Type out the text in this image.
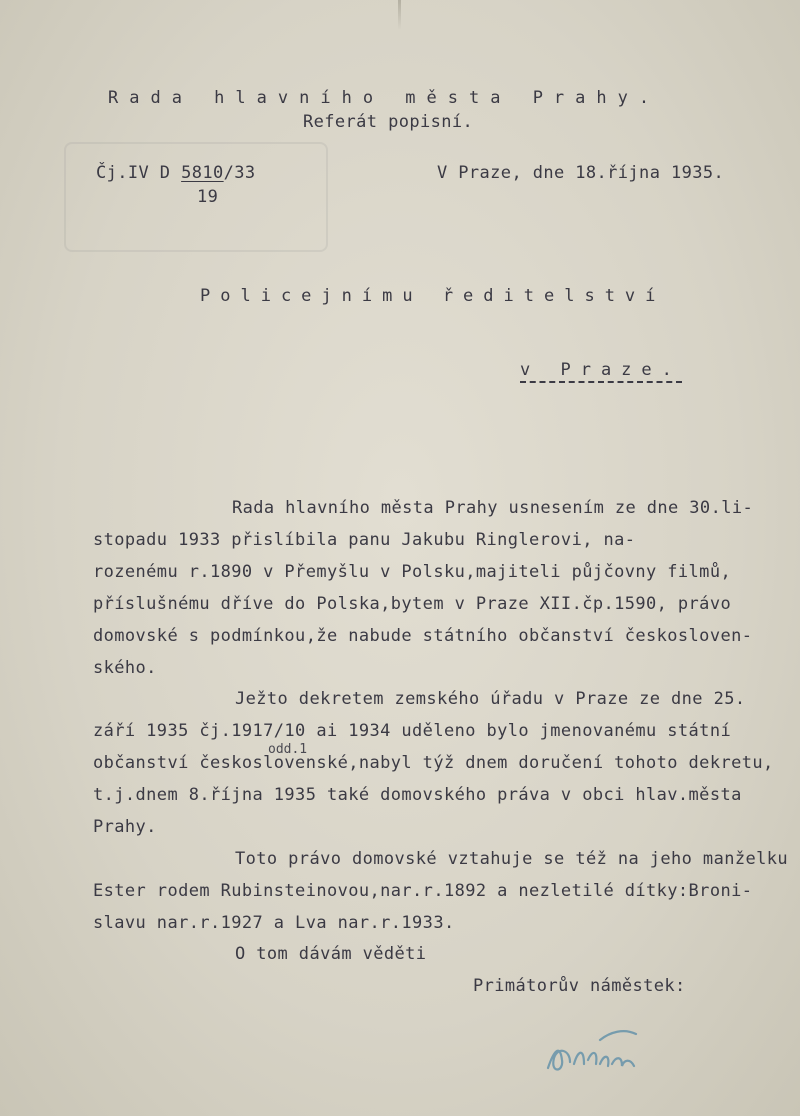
Rada hlavního města Prahy.
Referát popisní.
Čj.IV D 5810/33
19
V Praze, dne 18.října 1935.
Policejnímu ředitelství
v Praze.
Rada hlavního města Prahy usnesením ze dne 30.li-
stopadu 1933 přislíbila panu Jakubu Ringlerovi, na-
rozenému r.1890 v Přemyšlu v Polsku,majiteli půjčovny filmů,
příslušnému dříve do Polska,bytem v Praze XII.čp.1590, právo
domovské s podmínkou,že nabude státního občanství českosloven-
ského.
Ježto dekretem zemského úřadu v Praze ze dne 25.
září 1935 čj.1917/10 ai 1934 uděleno bylo jmenovanému státní
odd.1
občanství československé,nabyl týž dnem doručení tohoto dekretu,
t.j.dnem 8.října 1935 také domovského práva v obci hlav.města
Prahy.
Toto právo domovské vztahuje se též na jeho manželku
Ester rodem Rubinsteinovou,nar.r.1892 a nezletilé dítky:Broni-
slavu nar.r.1927 a Lva nar.r.1933.
O tom dávám věděti
Primátorův náměstek:
